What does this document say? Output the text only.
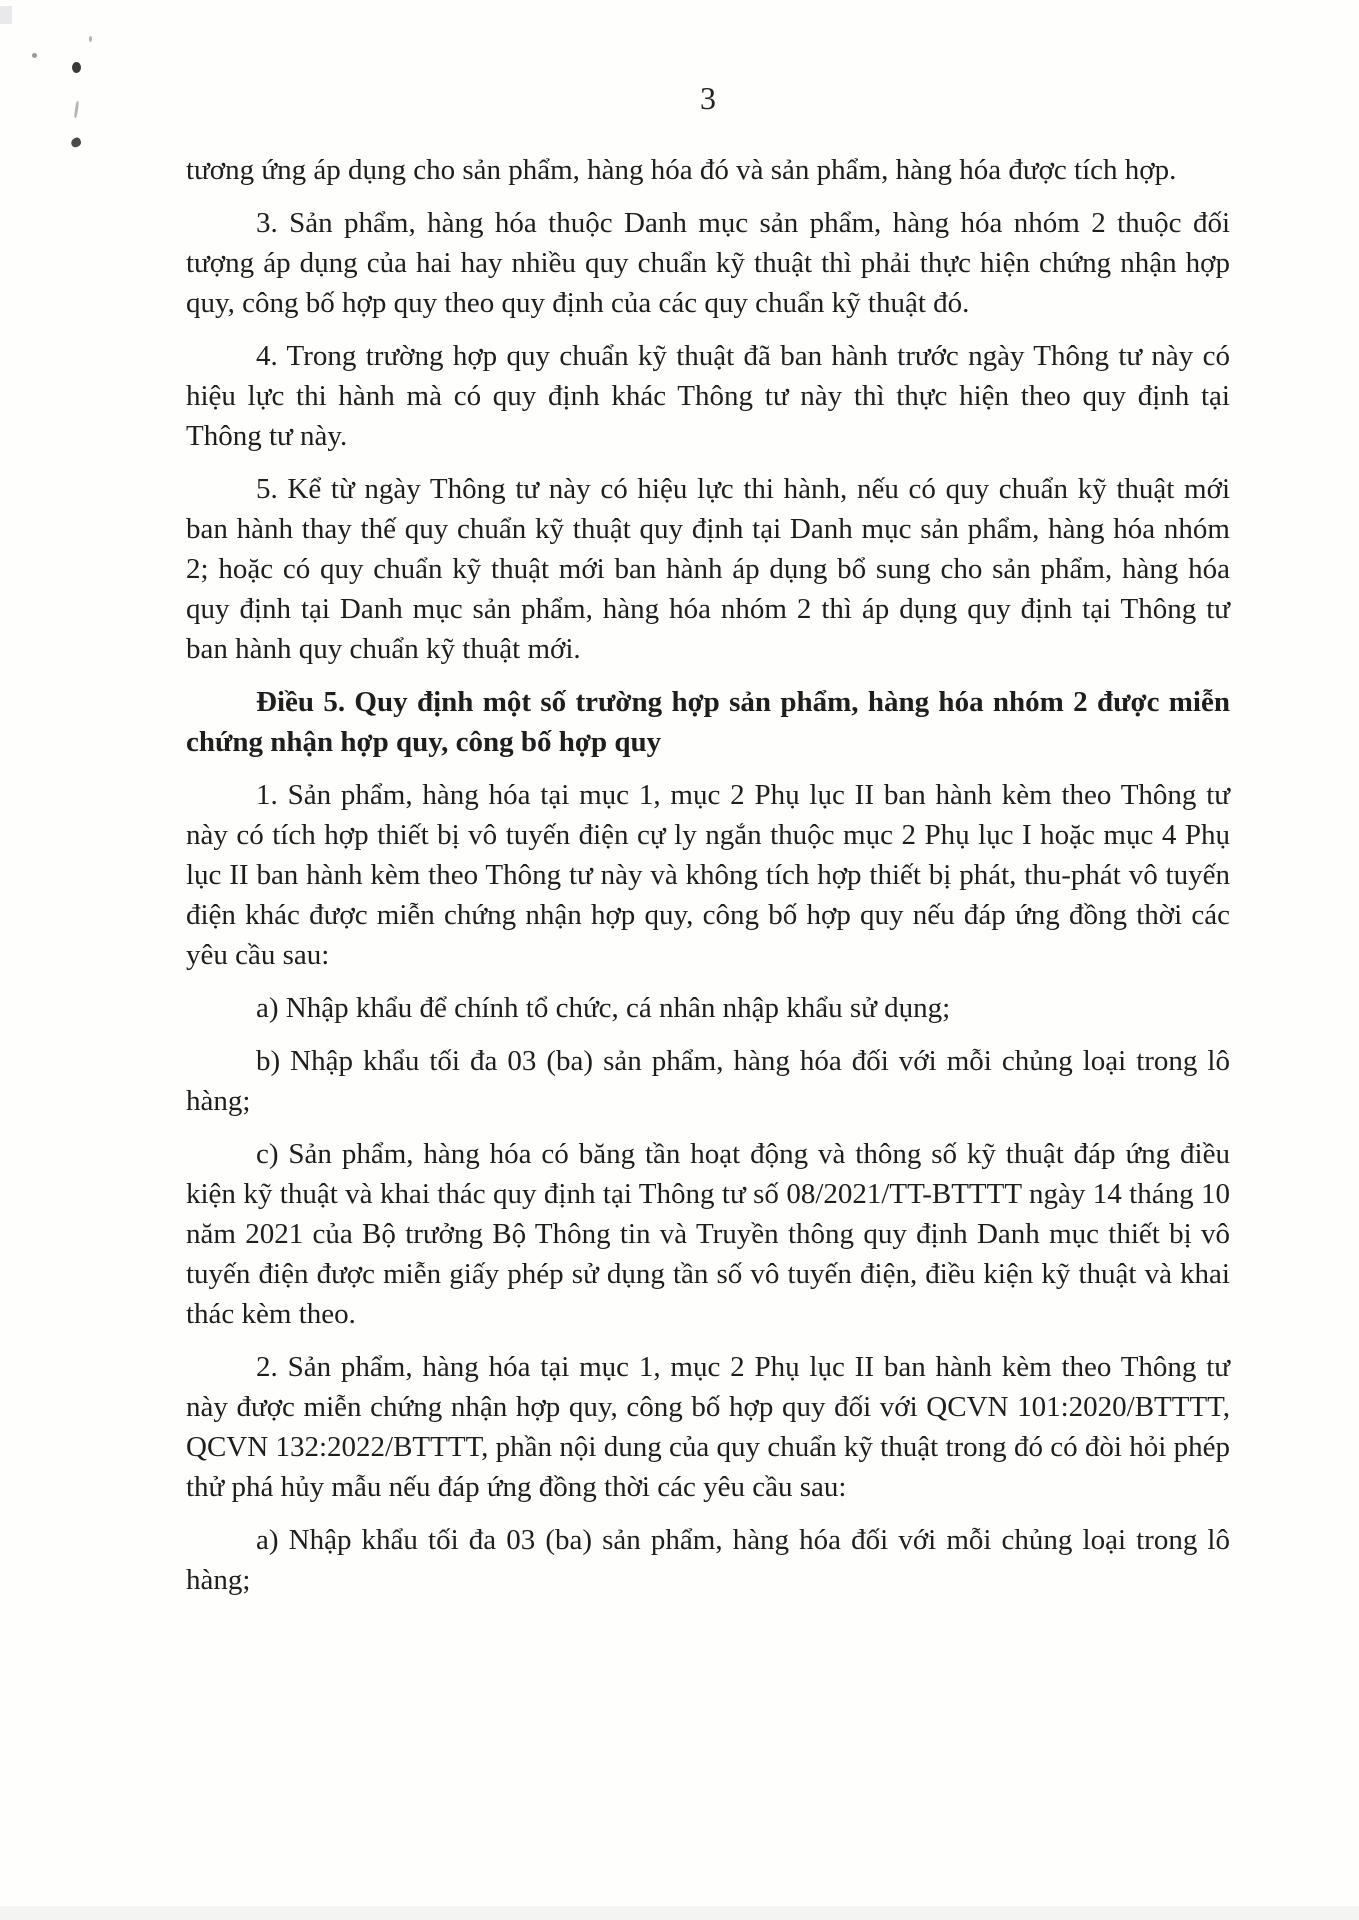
3

tương ứng áp dụng cho sản phẩm, hàng hóa đó và sản phẩm, hàng hóa được tích hợp.

3. Sản phẩm, hàng hóa thuộc Danh mục sản phẩm, hàng hóa nhóm 2 thuộc đối tượng áp dụng của hai hay nhiều quy chuẩn kỹ thuật thì phải thực hiện chứng nhận hợp quy, công bố hợp quy theo quy định của các quy chuẩn kỹ thuật đó.

4. Trong trường hợp quy chuẩn kỹ thuật đã ban hành trước ngày Thông tư này có hiệu lực thi hành mà có quy định khác Thông tư này thì thực hiện theo quy định tại Thông tư này.

5. Kể từ ngày Thông tư này có hiệu lực thi hành, nếu có quy chuẩn kỹ thuật mới ban hành thay thế quy chuẩn kỹ thuật quy định tại Danh mục sản phẩm, hàng hóa nhóm 2; hoặc có quy chuẩn kỹ thuật mới ban hành áp dụng bổ sung cho sản phẩm, hàng hóa quy định tại Danh mục sản phẩm, hàng hóa nhóm 2 thì áp dụng quy định tại Thông tư ban hành quy chuẩn kỹ thuật mới.

Điều 5. Quy định một số trường hợp sản phẩm, hàng hóa nhóm 2 được miễn chứng nhận hợp quy, công bố hợp quy

1. Sản phẩm, hàng hóa tại mục 1, mục 2 Phụ lục II ban hành kèm theo Thông tư này có tích hợp thiết bị vô tuyến điện cự ly ngắn thuộc mục 2 Phụ lục I hoặc mục 4 Phụ lục II ban hành kèm theo Thông tư này và không tích hợp thiết bị phát, thu-phát vô tuyến điện khác được miễn chứng nhận hợp quy, công bố hợp quy nếu đáp ứng đồng thời các yêu cầu sau:

a) Nhập khẩu để chính tổ chức, cá nhân nhập khẩu sử dụng;

b) Nhập khẩu tối đa 03 (ba) sản phẩm, hàng hóa đối với mỗi chủng loại trong lô hàng;

c) Sản phẩm, hàng hóa có băng tần hoạt động và thông số kỹ thuật đáp ứng điều kiện kỹ thuật và khai thác quy định tại Thông tư số 08/2021/TT-BTTTT ngày 14 tháng 10 năm 2021 của Bộ trưởng Bộ Thông tin và Truyền thông quy định Danh mục thiết bị vô tuyến điện được miễn giấy phép sử dụng tần số vô tuyến điện, điều kiện kỹ thuật và khai thác kèm theo.

2. Sản phẩm, hàng hóa tại mục 1, mục 2 Phụ lục II ban hành kèm theo Thông tư này được miễn chứng nhận hợp quy, công bố hợp quy đối với QCVN 101:2020/BTTTT, QCVN 132:2022/BTTTT, phần nội dung của quy chuẩn kỹ thuật trong đó có đòi hỏi phép thử phá hủy mẫu nếu đáp ứng đồng thời các yêu cầu sau:

a) Nhập khẩu tối đa 03 (ba) sản phẩm, hàng hóa đối với mỗi chủng loại trong lô hàng;
